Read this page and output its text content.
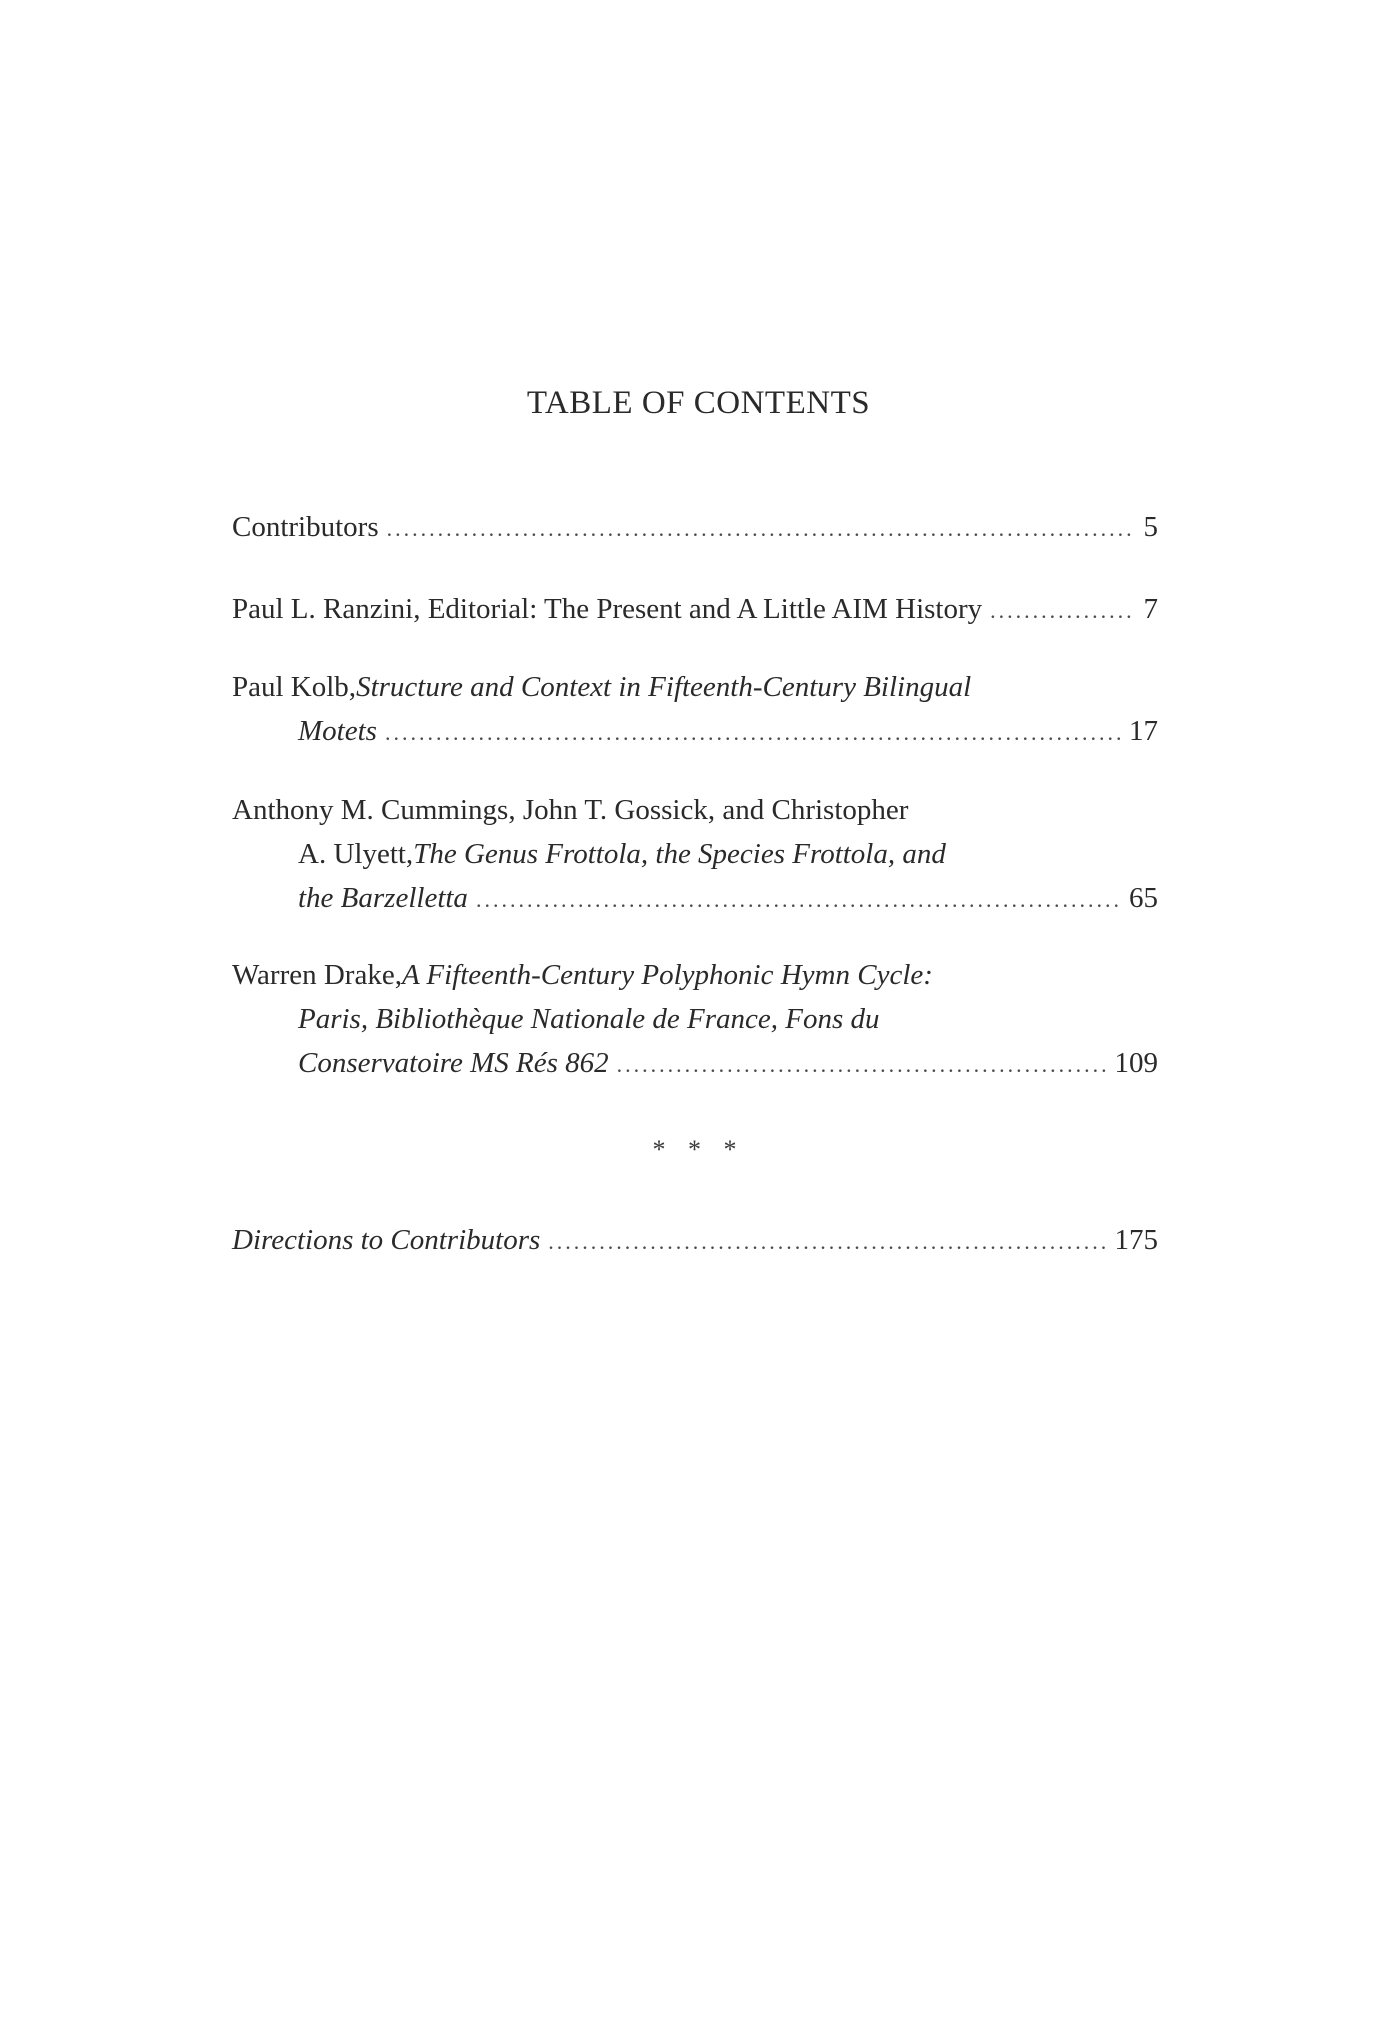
TABLE OF CONTENTS
Contributors .....	5
Paul L. Ranzini, Editorial: The Present and A Little AIM History .....	7
Paul Kolb, Structure and Context in Fifteenth-Century Bilingual
Motets .....	17
Anthony M. Cummings, John T. Gossick, and Christopher
A. Ulyett, The Genus Frottola, the Species Frottola, and
the Barzelletta .....	65
Warren Drake, A Fifteenth-Century Polyphonic Hymn Cycle:
Paris, Bibliothèque Nationale de France, Fons du
Conservatoire MS Rés 862 .....	109
* * *
Directions to Contributors .....	175
